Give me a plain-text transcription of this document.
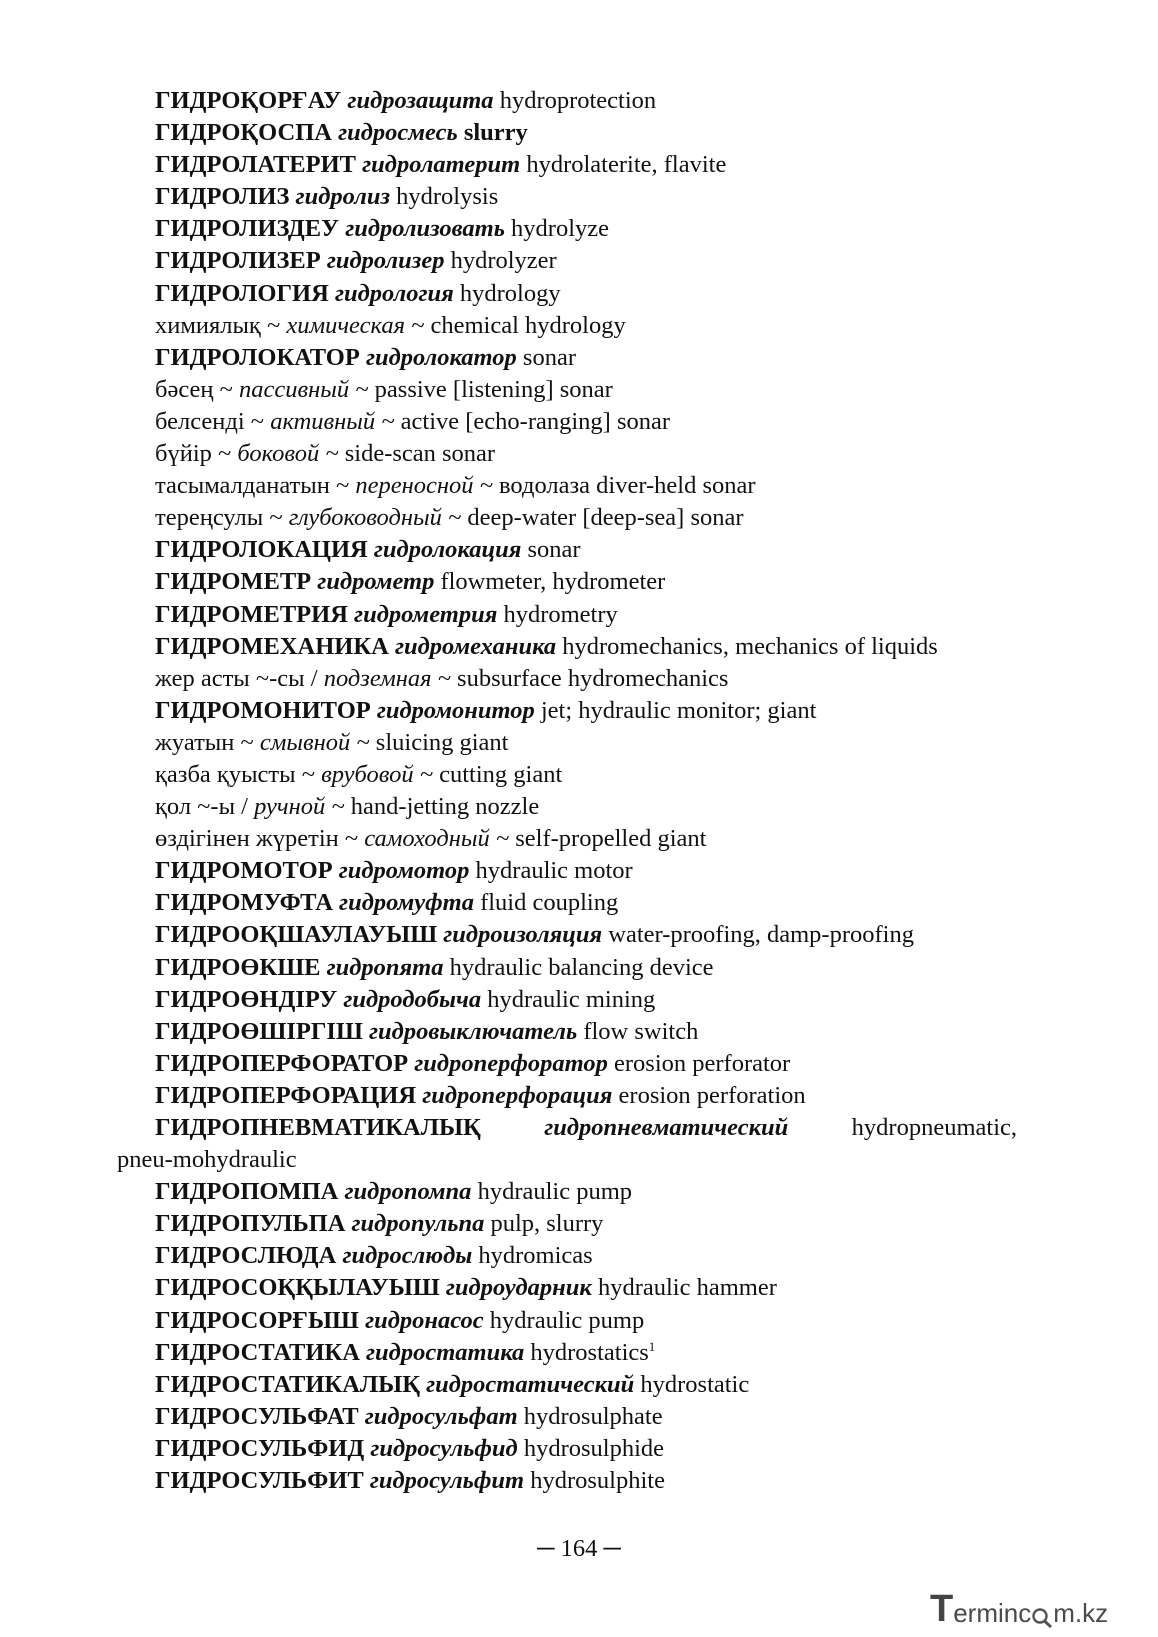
ГИДРОҚОРҒАУ гидрозащита hydroprotection
ГИДРОҚОСПА гидросмесь slurry
ГИДРОЛАТЕРИТ гидролатерит hydrolaterite, flavite
ГИДРОЛИЗ гидролиз hydrolysis
ГИДРОЛИЗДЕУ гидролизовать hydrolyze
ГИДРОЛИЗЕР гидролизер hydrolyzer
ГИДРОЛОГИЯ гидрология hydrology
химиялық ~ химическая ~ chemical hydrology
ГИДРОЛОКАТОР гидролокатор sonar
бәсең ~ пассивный ~ passive [listening] sonar
белсенді ~ активный ~ active [echo-ranging] sonar
бүйір ~ боковой ~ side-scan sonar
тасымалданатын ~ переносной ~ водолаза diver-held sonar
тереңсулы ~ глубоководный ~ deep-water [deep-sea] sonar
ГИДРОЛОКАЦИЯ гидролокация sonar
ГИДРОМЕТР гидрометр flowmeter, hydrometer
ГИДРОМЕТРИЯ гидрометрия hydrometry
ГИДРОМЕХАНИКА гидромеханика hydromechanics, mechanics of liquids
жер асты ~-сы / подземная ~ subsurface hydromechanics
ГИДРОМОНИТОР гидромонитор jet; hydraulic monitor; giant
жуатын ~ смывной ~ sluicing giant
қазба қуысты ~ врубовой ~ cutting giant
қол ~-ы / ручной ~ hand-jetting nozzle
өздігінен жүретін ~ самоходный ~ self-propelled giant
ГИДРОМОТОР гидромотор hydraulic motor
ГИДРОМУФТА гидромуфта fluid coupling
ГИДРООҚШАУЛАУЫШ гидроизоляция water-proofing, damp-proofing
ГИДРОӨКШЕ гидропята hydraulic balancing device
ГИДРОӨНДІРУ гидродобыча hydraulic mining
ГИДРОӨШІРГІШ гидровыключатель flow switch
ГИДРОПЕРФОРАТОР гидроперфоратор erosion perforator
ГИДРОПЕРФОРАЦИЯ гидроперфорация erosion perforation
ГИДРОПНЕВМАТИКАЛЫҚ	гидропневматический	hydropneumatic,
pneu-mohydraulic
ГИДРОПОМПА гидропомпа hydraulic pump
ГИДРОПУЛЬПА гидропульпа pulp, slurry
ГИДРОСЛЮДА гидрослюды hydromicas
ГИДРОСОҚҚЫЛАУЫШ гидроударник hydraulic hammer
ГИДРОСОРҒЫШ гидронасос hydraulic pump
ГИДРОСТАТИКА гидростатика hydrostatics$^1$
ГИДРОСТАТИКАЛЫҚ гидростатический hydrostatic
ГИДРОСУЛЬФАТ гидросульфат hydrosulphate
ГИДРОСУЛЬФИД гидросульфид hydrosulphide
ГИДРОСУЛЬФИТ гидросульфит hydrosulphite
─ 164 ─
T erminc m.kz
